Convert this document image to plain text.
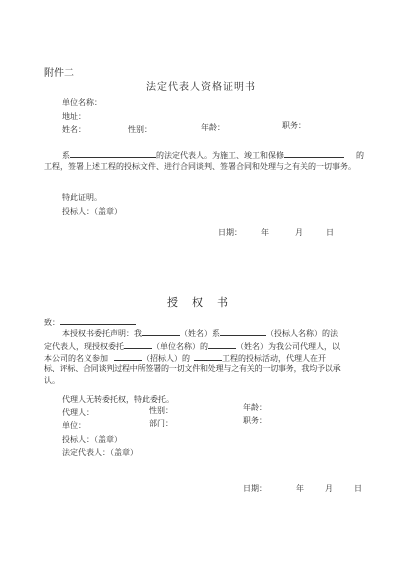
附件二
法定代表人资格证明书
单位名称：
地址：
姓名：	性别：	年龄：	职务：
系	的法定代表人。为施工、竣工和保修	的
工程，签署上述工程的投标文件、进行合同谈判、签署合同和处理与之有关的一切事务。
特此证明。
投标人：（盖章）
日期： 年	月	日
授权书
致：
本授权书委托声明：我	（姓名）系	（投标人名称）的法
定代表人，现授权委托	（单位名称）的	（姓名）为我公司代理人，以
本公司的名义参加	（招标人）的	工程的投标活动，代理人在开
标、评标、合同谈判过程中所签署的一切文件和处理与之有关的一切事务，我均予以承
认。
代理人无转委托权，特此委托。
代理人：	性别：	年龄：
单位：	部门：	职务：
投标人：（盖章）
法定代表人：（盖章）
日期：	年	月	日
